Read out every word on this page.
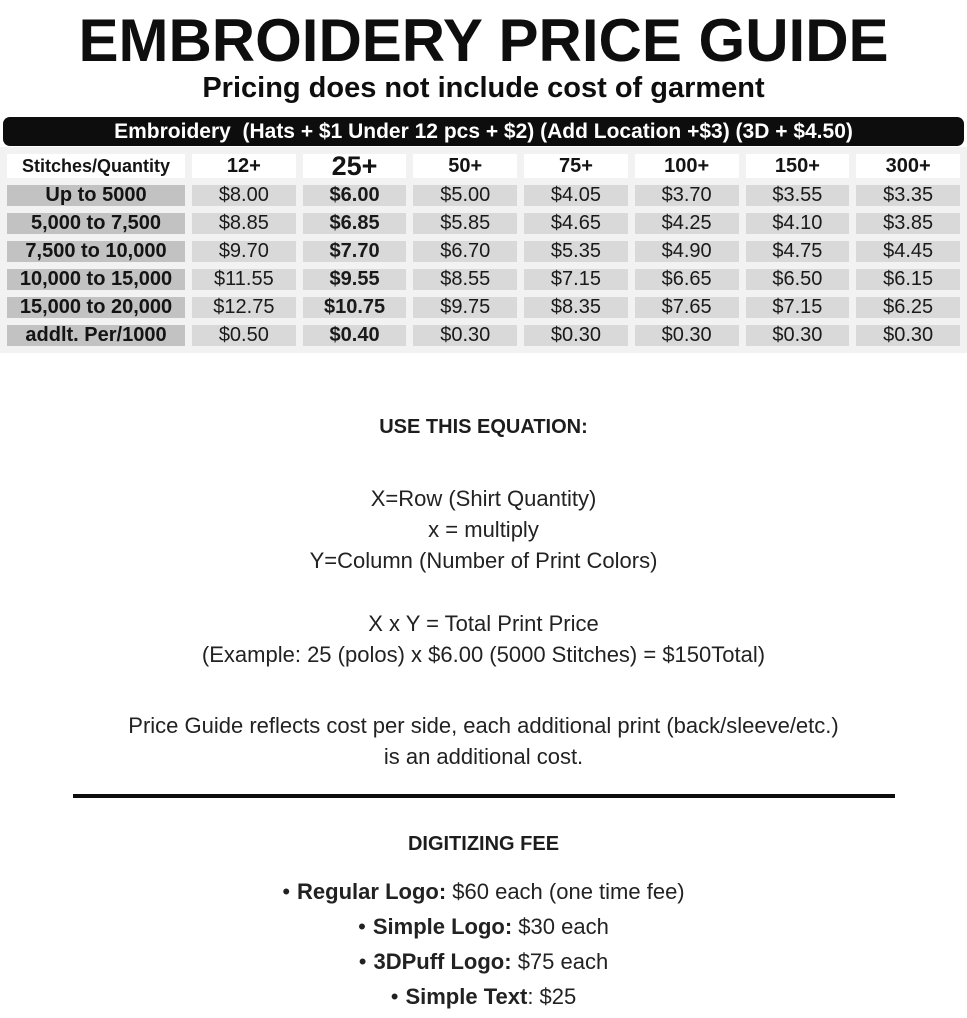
EMBROIDERY PRICE GUIDE
Pricing does not include cost of garment
Embroidery  (Hats + $1 Under 12 pcs + $2) (Add Location +$3) (3D + $4.50)
Stitches/Quantity	12+	25+	50+	75+	100+	150+	300+
Up to 5000	$8.00	$6.00	$5.00	$4.05	$3.70	$3.55	$3.35
5,000 to 7,500	$8.85	$6.85	$5.85	$4.65	$4.25	$4.10	$3.85
7,500 to 10,000	$9.70	$7.70	$6.70	$5.35	$4.90	$4.75	$4.45
10,000 to 15,000	$11.55	$9.55	$8.55	$7.15	$6.65	$6.50	$6.15
15,000 to 20,000	$12.75	$10.75	$9.75	$8.35	$7.65	$7.15	$6.25
addlt. Per/1000	$0.50	$0.40	$0.30	$0.30	$0.30	$0.30	$0.30
USE THIS EQUATION:
X=Row (Shirt Quantity)
x = multiply
Y=Column (Number of Print Colors)
X x Y = Total Print Price
(Example: 25 (polos) x $6.00 (5000 Stitches) = $150Total)
Price Guide reflects cost per side, each additional print (back/sleeve/etc.)
is an additional cost.
DIGITIZING FEE
• Regular Logo: $60 each (one time fee)
• Simple Logo: $30 each
• 3DPuff Logo: $75 each
• Simple Text: $25
